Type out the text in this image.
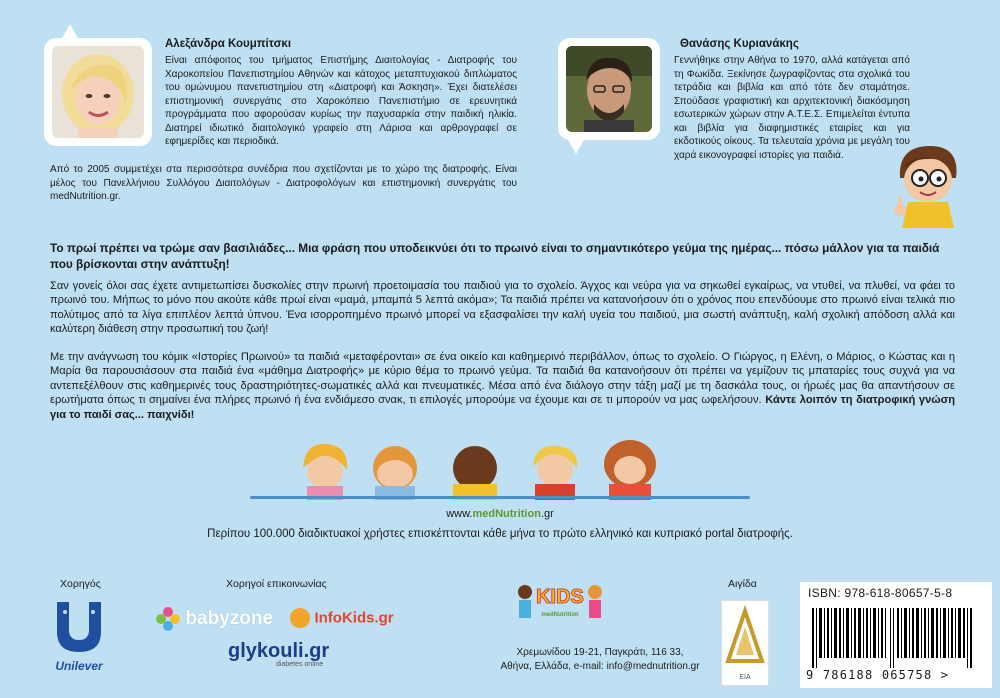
Αλεξάνδρα Κουμπίτσκι
Είναι απόφοιτος του τμήματος Επιστήμης Διαιτολογίας - Διατροφής του Χαροκοπείου Πανεπιστημίου Αθηνών και κάτοχος μεταπτυχιακού διπλώματος του ομώνυμου πανεπιστημίου στη «Διατροφή και Άσκηση». Έχει διατελέσει επιστημονική συνεργάτις στο Χαροκόπειο Πανεπιστήμιο σε ερευνητικά προγράμματα που αφορούσαν κυρίως την παχυσαρκία στην παιδική ηλικία. Διατηρεί ιδιωτικό διαιτολογικό γραφείο στη Λάρισα και αρθρογραφεί σε εφημερίδες και περιοδικά.
Από το 2005 συμμετέχει στα περισσότερα συνέδρια που σχετίζονται με το χώρο της διατροφής. Είναι μέλος του Πανελλήνιου Συλλόγου Διαιτολόγων - Διατροφολόγων και επιστημονική συνεργάτις του medNutrition.gr.
Θανάσης Κυριανάκης
Γεννήθηκε στην Αθήνα το 1970, αλλά κατάγεται από τη Φωκίδα. Ξεκίνησε ζωγραφίζοντας στα σχολικά του τετράδια και βιβλία και από τότε δεν σταμάτησε. Σπούδασε γραφιστική και αρχιτεκτονική διακόσμηση εσωτερικών χώρων στην Α.Τ.Ε.Σ. Επιμελείται έντυπα και βιβλία για διαφημιστικές εταιρίες και για εκδοτικούς οίκους. Τα τελευταία χρόνια με μεγάλη του χαρά εικονογραφεί ιστορίες για παιδιά.
Το πρωί πρέπει να τρώμε σαν βασιλιάδες... Μια φράση που υποδεικνύει ότι το πρωινό είναι το σημαντικότερο γεύμα της ημέρας... πόσω μάλλον για τα παιδιά που βρίσκονται στην ανάπτυξη!
Σαν γονείς όλοι σας έχετε αντιμετωπίσει δυσκολίες στην πρωινή προετοιμασία του παιδιού για το σχολείο. Άγχος και νεύρα για να σηκωθεί εγκαίρως, να ντυθεί, να πλυθεί, να φάει το πρωινό του. Μήπως το μόνο που ακούτε κάθε πρωί είναι «μαμά, μπαμπά 5 λεπτά ακόμα»; Τα παιδιά πρέπει να κατανοήσουν ότι ο χρόνος που επενδύουμε στο πρωινό είναι τελικά πιο πολύτιμος από τα λίγα επιπλέον λεπτά ύπνου. Ένα ισορροπημένο πρωινό μπορεί να εξασφαλίσει την καλή υγεία του παιδιού, μια σωστή ανάπτυξη, καλή σχολική απόδοση αλλά και καλύτερη διάθεση στην προσωπική του ζωή!
Με την ανάγνωση του κόμικ «Ιστορίες Πρωινού» τα παιδιά «μεταφέρονται» σε ένα οικείο και καθημερινό περιβάλλον, όπως το σχολείο. Ο Γιώργος, η Ελένη, ο Μάριος, ο Κώστας και η Μαρία θα παρουσιάσουν στα παιδιά ένα «μάθημα Διατροφής» με κύριο θέμα το πρωινό γεύμα. Τα παιδιά θα κατανοήσουν ότι πρέπει να γεμίζουν τις μπαταρίες τους συχνά για να αντεπεξέλθουν στις καθημερινές τους δραστηριότητες-σωματικές αλλά και πνευματικές. Μέσα από ένα διάλογο στην τάξη μαζί με τη δασκάλα τους, οι ήρωές μας θα απαντήσουν σε ερωτήματα όπως τι σημαίνει ένα πλήρες πρωινό ή ένα ενδιάμεσο σνακ, τι επιλογές μπορούμε να έχουμε και σε τι μπορούν να μας ωφελήσουν. Κάντε λοιπόν τη διατροφική γνώση για το παιδί σας... παιχνίδι!
www.medNutrition.gr
Περίπου 100.000 διαδικτυακοί χρήστες επισκέπτονται κάθε μήνα το πρώτο ελληνικό και κυπριακό portal διατροφής.
Χορηγός
Unilever
Χορηγοί επικοινωνίας
babyzone	InfoKids.gr
glykouli.gr
diabetes online
KIDS
medNutrition
Χρεμωνίδου 19-21, Παγκράτι, 116 33,
Αθήνα, Ελλάδα, e-mail: info@mednutrition.gr
Αιγίδα
ΕΙΑ
ISBN: 978-618-80657-5-8
9 786188 065758 >
